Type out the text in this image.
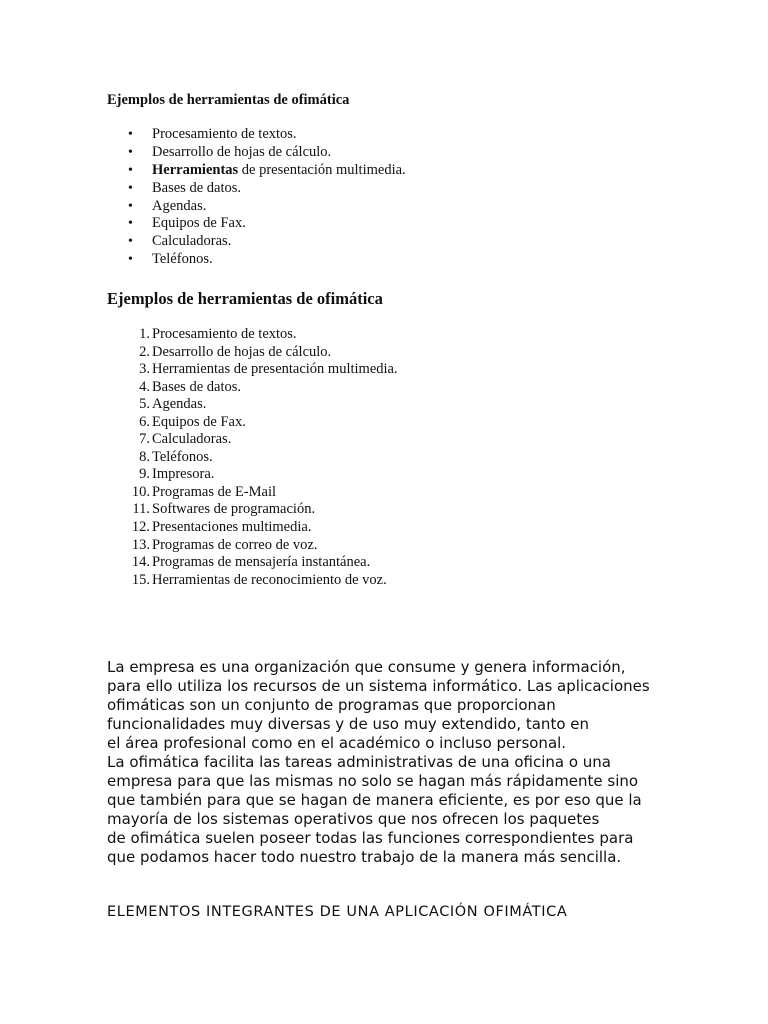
Ejemplos de herramientas de ofimática
• Procesamiento de textos.
• Desarrollo de hojas de cálculo.
• Herramientas de presentación multimedia.
• Bases de datos.
• Agendas.
• Equipos de Fax.
• Calculadoras.
• Teléfonos.
Ejemplos de herramientas de ofimática
1. Procesamiento de textos.
2. Desarrollo de hojas de cálculo.
3. Herramientas de presentación multimedia.
4. Bases de datos.
5. Agendas.
6. Equipos de Fax.
7. Calculadoras.
8. Teléfonos.
9. Impresora.
10. Programas de E-Mail
11. Softwares de programación.
12. Presentaciones multimedia.
13. Programas de correo de voz.
14. Programas de mensajería instantánea.
15. Herramientas de reconocimiento de voz.

La empresa es una organización que consume y genera información,
para ello utiliza los recursos de un sistema informático. Las aplicaciones
ofimáticas son un conjunto de programas que proporcionan
funcionalidades muy diversas y de uso muy extendido, tanto en
el área profesional como en el académico o incluso personal.
La ofimática facilita las tareas administrativas de una oficina o una
empresa para que las mismas no solo se hagan más rápidamente sino
que también para que se hagan de manera eficiente, es por eso que la
mayoría de los sistemas operativos que nos ofrecen los paquetes
de ofimática suelen poseer todas las funciones correspondientes para
que podamos hacer todo nuestro trabajo de la manera más sencilla.

ELEMENTOS INTEGRANTES DE UNA APLICACIÓN OFIMÁTICA
